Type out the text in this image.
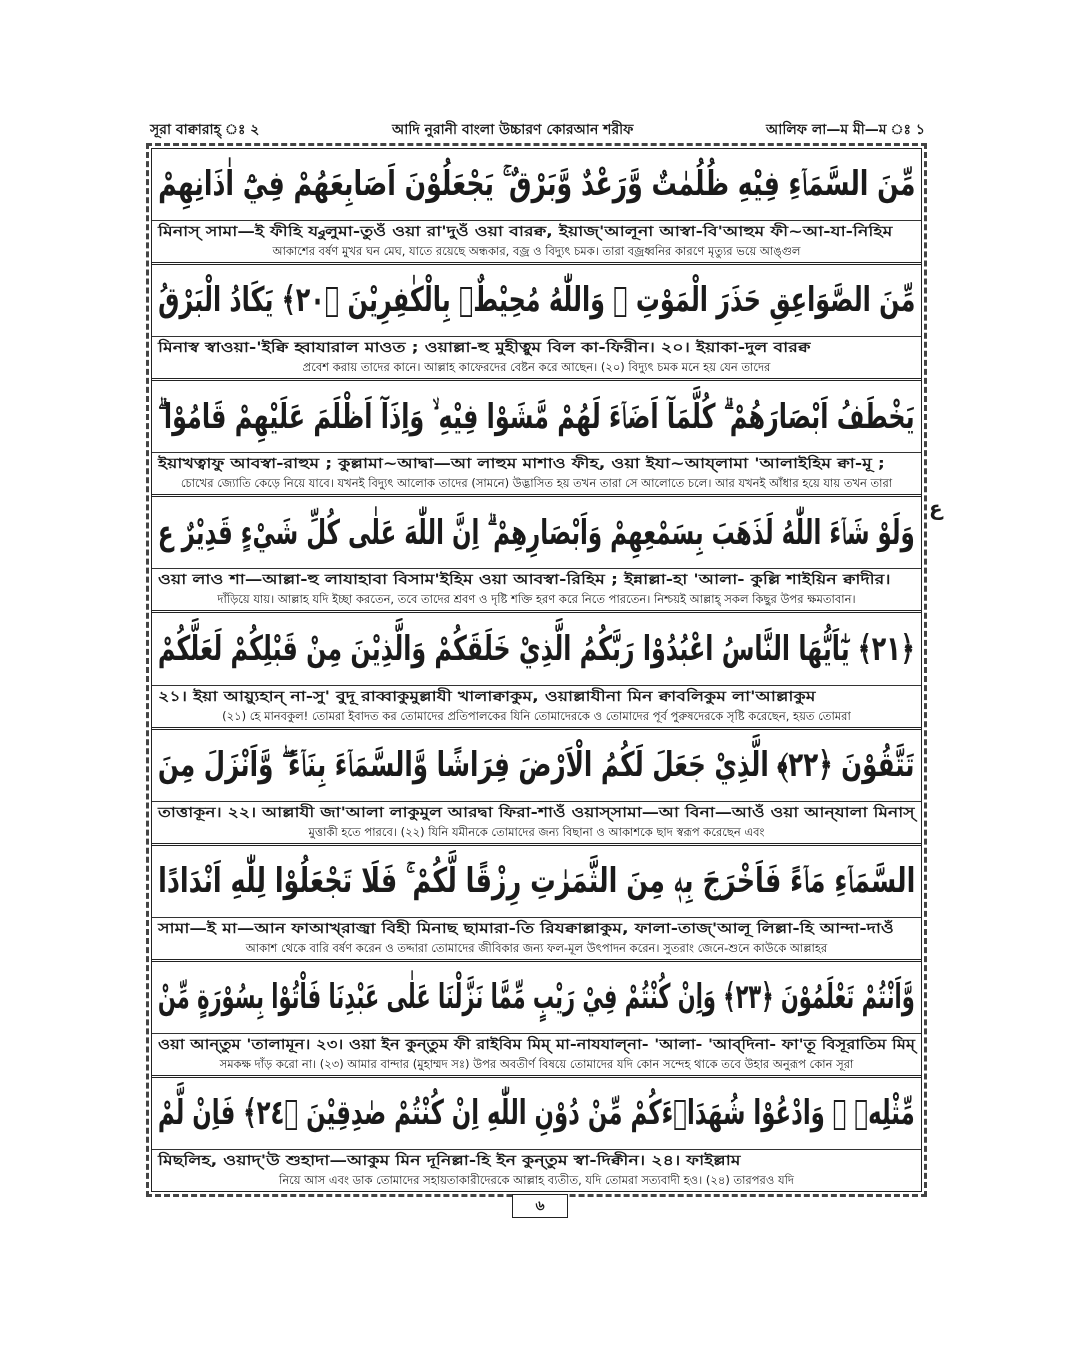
সূরা বাক্বারাহ্ ঃ ২	আদি নুরানী বাংলা উচ্চারণ কোরআন শরীফ	আলিফ লা—ম মী—ম ঃ ১
مِّنَ السَّمَاۤءِ فِيْهِ ظُلُمٰتٌ وَّرَعْدٌ وَّبَرْقٌ ۚ يَجْعَلُوْنَ اَصَابِعَهُمْ فِيْٓ اٰذَانِهِمْ
মিনাস্ সামা—ই ফীহি য্বুলুমা-তুওঁ ওয়া রা'দুওঁ ওয়া বারক্ব, ইয়াজ্'আলূনা আস্বা-বি'আহুম ফী~আ-যা-নিহিম
আকাশের বর্ষণ মুখর ঘন মেঘ, যাতে রয়েছে অন্ধকার, বজ্র ও বিদ্যুৎ চমক। তারা বজ্রধ্বনির কারণে মৃত্যুর ভয়ে আঙ্গুল
مِّنَ الصَّوَاعِقِ حَذَرَ الْمَوْتِ ۗ وَاللّٰهُ مُحِيْطٌۢ بِالْكٰفِرِيْنَ ﴿٢٠﴾ يَكَادُ الْبَرْقُ
মিনাস্ব স্বাওয়া-'ইক্বি হ্বাযারাল মাওত ; ওয়াল্লা-হু মুহীত্বুম বিল কা-ফিরীন। ২০। ইয়াকা-দুল বারক্ব
প্রবেশ করায় তাদের কানে। আল্লাহ কাফেরদের বেষ্টন করে আছেন। (২০) বিদ্যুৎ চমক মনে হয় যেন তাদের
يَخْطَفُ اَبْصَارَهُمْ ۗ كُلَّمَآ اَضَاۤءَ لَهُمْ مَّشَوْا فِيْهِ ۙ وَاِذَآ اَظْلَمَ عَلَيْهِمْ قَامُوْا ۗ
ইয়াখত্বাফু আবস্বা-রাহুম ; কুল্লামা~আদ্বা—আ লাহুম মাশাও ফীহ, ওয়া ইযা~আয্লামা 'আলাইহিম ক্বা-মূ ;
চোখের জ্যোতি কেড়ে নিয়ে যাবে। যখনই বিদ্যুৎ আলোক তাদের (সামনে) উদ্ভাসিত হয় তখন তারা সে আলোতে চলে। আর যখনই আঁধার হয়ে যায় তখন তারা
وَلَوْ شَاۤءَ اللّٰهُ لَذَهَبَ بِسَمْعِهِمْ وَاَبْصَارِهِمْ ۗ اِنَّ اللّٰهَ عَلٰى كُلِّ شَيْءٍ قَدِيْرٌ ع
ওয়া লাও শা—আল্লা-হু লাযাহাবা বিসাম'ইহিম ওয়া আবস্বা-রিহিম ; ইন্নাল্লা-হা 'আলা- কুল্লি শাইয়িন ক্বাদীর।
দাঁড়িয়ে যায়। আল্লাহ যদি ইচ্ছা করতেন, তবে তাদের শ্রবণ ও দৃষ্টি শক্তি হরণ করে নিতে পারতেন। নিশ্চয়ই আল্লাহ্ সকল কিছুর উপর ক্ষমতাবান।
﴿٢١﴾ يٰٓاَيُّهَا النَّاسُ اعْبُدُوْا رَبَّكُمُ الَّذِيْ خَلَقَكُمْ وَالَّذِيْنَ مِنْ قَبْلِكُمْ لَعَلَّكُمْ
২১। ইয়া আয়্যুহান্ না-সু' বুদূ রাব্বাকুমুল্লাযী খালাক্বাকুম, ওয়াল্লাযীনা মিন ক্বাবলিকুম লা'আল্লাকুম
(২১) হে মানবকুল! তোমরা ইবাদত কর তোমাদের প্রতিপালকের যিনি তোমাদেরকে ও তোমাদের পূর্ব পুরুষদেরকে সৃষ্টি করেছেন, হয়ত তোমরা
تَتَّقُوْنَ ﴿٢٢﴾ الَّذِيْ جَعَلَ لَكُمُ الْاَرْضَ فِرَاشًا وَّالسَّمَاۤءَ بِنَاۤءً ۖ وَّاَنْزَلَ مِنَ
তাত্তাকূন। ২২। আল্লাযী জা'আলা লাকুমুল আরদ্বা ফিরা-শাওঁ ওয়াস্‌সামা—আ বিনা—আওঁ ওয়া আন্‌যালা মিনাস্
মুত্তাকী হতে পারবে। (২২) যিনি যমীনকে তোমাদের জন্য বিছানা ও আকাশকে ছাদ স্বরূপ করেছেন এবং
السَّمَاۤءِ مَاۤءً فَاَخْرَجَ بِهٖ مِنَ الثَّمَرٰتِ رِزْقًا لَّكُمْ ۚ فَلَا تَجْعَلُوْا لِلّٰهِ اَنْدَادًا
সামা—ই মা—আন ফাআখ্‌রাজ্বা বিহী মিনাছ ছামারা-তি রিযক্বাল্লাকুম, ফালা-তাজ্'আলূ লিল্লা-হি আন্দা-দাওঁ
আকাশ থেকে বারি বর্ষণ করেন ও তদ্দারা তোমাদের জীবিকার জন্য ফল-মূল উৎপাদন করেন। সুতরাং জেনে-শুনে কাউকে আল্লাহর
وَّاَنْتُمْ تَعْلَمُوْنَ ﴿٢٣﴾ وَاِنْ كُنْتُمْ فِيْ رَيْبٍ مِّمَّا نَزَّلْنَا عَلٰى عَبْدِنَا فَاْتُوْا بِسُوْرَةٍ مِّنْ
ওয়া আন্‌তুম 'তালামূন। ২৩। ওয়া ইন কুন্‌তুম ফী রাইবিম মিম্ মা-নাযযাল্‌না- 'আলা- 'আব্‌দিনা- ফা'তূ বিসূরাতিম মিম্
সমকক্ষ দাঁড় করো না। (২৩) আমার বান্দার (মুহাম্মদ সঃ) উপর অবতীর্ণ বিষয়ে তোমাদের যদি কোন সন্দেহ থাকে তবে উহার অনুরূপ কোন সূরা
مِّثْلِهٖ ۖ وَادْعُوْا شُهَدَاۤءَكُمْ مِّنْ دُوْنِ اللّٰهِ اِنْ كُنْتُمْ صٰدِقِيْنَ ﴿٢٤﴾ فَاِنْ لَّمْ
মিছলিহ, ওয়াদ্'উ শুহাদা—আকুম মিন দূনিল্লা-হি ইন কুন্‌তুম স্বা-দিক্বীন। ২৪। ফাইল্লাম
নিয়ে আস এবং ডাক তোমাদের সহায়তাকারীদেরকে আল্লাহ ব্যতীত, যদি তোমরা সত্যবাদী হও। (২৪) তারপরও যদি
ع
৬
